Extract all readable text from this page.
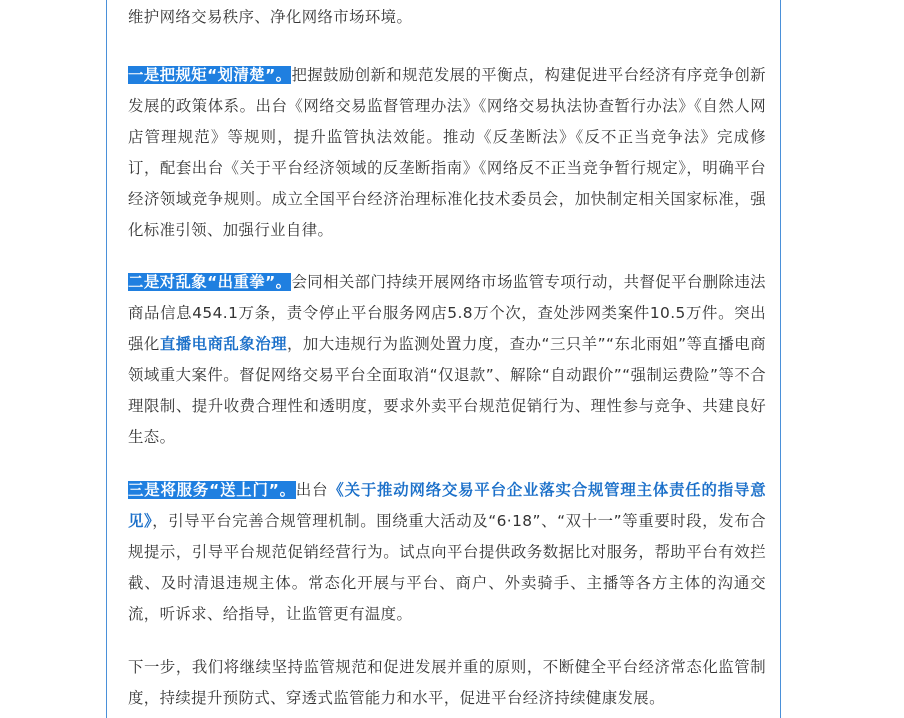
维护网络交易秩序、净化网络市场环境。

一是把规矩“划清楚”。把握鼓励创新和规范发展的平衡点，构建促进平台经济有序竞争创新发展的政策体系。出台《网络交易监督管理办法》《网络交易执法协查暂行办法》《自然人网店管理规范》等规则，提升监管执法效能。推动《反垄断法》《反不正当竞争法》完成修订，配套出台《关于平台经济领域的反垄断指南》《网络反不正当竞争暂行规定》，明确平台经济领域竞争规则。成立全国平台经济治理标准化技术委员会，加快制定相关国家标准，强化标准引领、加强行业自律。

二是对乱象“出重拳”。会同相关部门持续开展网络市场监管专项行动，共督促平台删除违法商品信息454.1万条，责令停止平台服务网店5.8万个次，查处涉网类案件10.5万件。突出强化直播电商乱象治理，加大违规行为监测处置力度，查办“三只羊”“东北雨姐”等直播电商领域重大案件。督促网络交易平台全面取消“仅退款”、解除“自动跟价”“强制运费险”等不合理限制、提升收费合理性和透明度，要求外卖平台规范促销行为、理性参与竞争、共建良好生态。

三是将服务“送上门”。出台《关于推动网络交易平台企业落实合规管理主体责任的指导意见》，引导平台完善合规管理机制。围绕重大活动及“6·18”、“双十一”等重要时段，发布合规提示，引导平台规范促销经营行为。试点向平台提供政务数据比对服务，帮助平台有效拦截、及时清退违规主体。常态化开展与平台、商户、外卖骑手、主播等各方主体的沟通交流，听诉求、给指导，让监管更有温度。

下一步，我们将继续坚持监管规范和促进发展并重的原则，不断健全平台经济常态化监管制度，持续提升预防式、穿透式监管能力和水平，促进平台经济持续健康发展。
